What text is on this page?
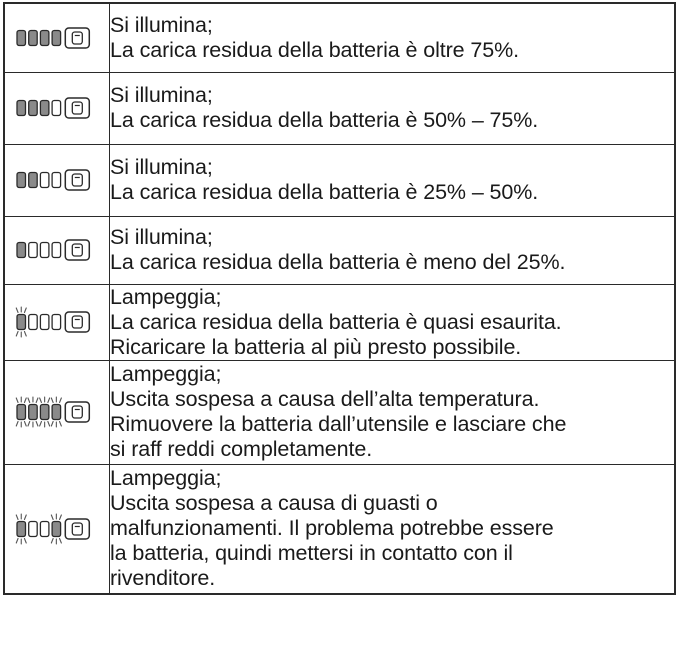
Si illumina;
La carica residua della batteria è oltre 75%.

Si illumina;
La carica residua della batteria è 50% – 75%.

Si illumina;
La carica residua della batteria è 25% – 50%.

Si illumina;
La carica residua della batteria è meno del 25%.

Lampeggia;
La carica residua della batteria è quasi esaurita.
Ricaricare la batteria al più presto possibile.

Lampeggia;
Uscita sospesa a causa dell’alta temperatura.
Rimuovere la batteria dall’utensile e lasciare che
si raff reddi completamente.

Lampeggia;
Uscita sospesa a causa di guasti o
malfunzionamenti. Il problema potrebbe essere
la batteria, quindi mettersi in contatto con il
rivenditore.
